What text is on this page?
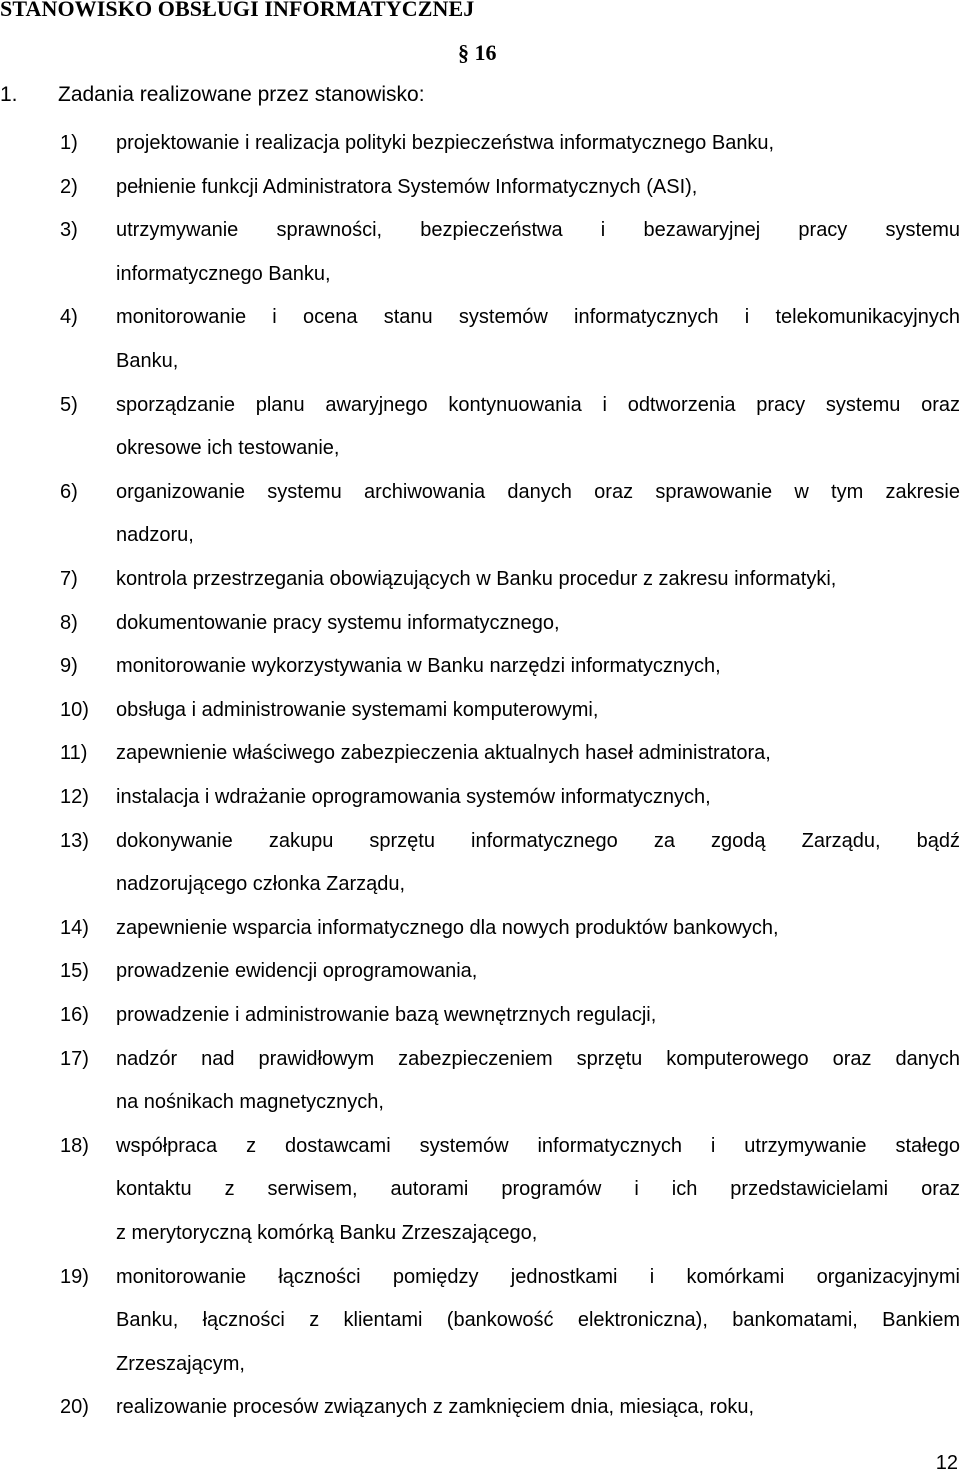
STANOWISKO OBSŁUGI INFORMATYCZNEJ
§ 16
1. Zadania realizowane przez stanowisko:
1) projektowanie i realizacja polityki bezpieczeństwa informatycznego Banku,
2) pełnienie funkcji Administratora Systemów Informatycznych (ASI),
3) utrzymywanie sprawności, bezpieczeństwa i bezawaryjnej pracy systemu
informatycznego Banku,
4) monitorowanie i ocena stanu systemów informatycznych i telekomunikacyjnych
Banku,
5) sporządzanie planu awaryjnego kontynuowania i odtworzenia pracy systemu oraz
okresowe ich testowanie,
6) organizowanie systemu archiwowania danych oraz sprawowanie w tym zakresie
nadzoru,
7) kontrola przestrzegania obowiązujących w Banku procedur z zakresu informatyki,
8) dokumentowanie pracy systemu informatycznego,
9) monitorowanie wykorzystywania w Banku narzędzi informatycznych,
10) obsługa i administrowanie systemami komputerowymi,
11) zapewnienie właściwego zabezpieczenia aktualnych haseł administratora,
12) instalacja i wdrażanie oprogramowania systemów informatycznych,
13) dokonywanie zakupu sprzętu informatycznego za zgodą Zarządu, bądź
nadzorującego członka Zarządu,
14) zapewnienie wsparcia informatycznego dla nowych produktów bankowych,
15) prowadzenie ewidencji oprogramowania,
16) prowadzenie i administrowanie bazą wewnętrznych regulacji,
17) nadzór nad prawidłowym zabezpieczeniem sprzętu komputerowego oraz danych
na nośnikach magnetycznych,
18) współpraca z dostawcami systemów informatycznych i utrzymywanie stałego
kontaktu z serwisem, autorami programów i ich przedstawicielami oraz
z merytoryczną komórką Banku Zrzeszającego,
19) monitorowanie łączności pomiędzy jednostkami i komórkami organizacyjnymi
Banku, łączności z klientami (bankowość elektroniczna), bankomatami, Bankiem
Zrzeszającym,
20) realizowanie procesów związanych z zamknięciem dnia, miesiąca, roku,
12
